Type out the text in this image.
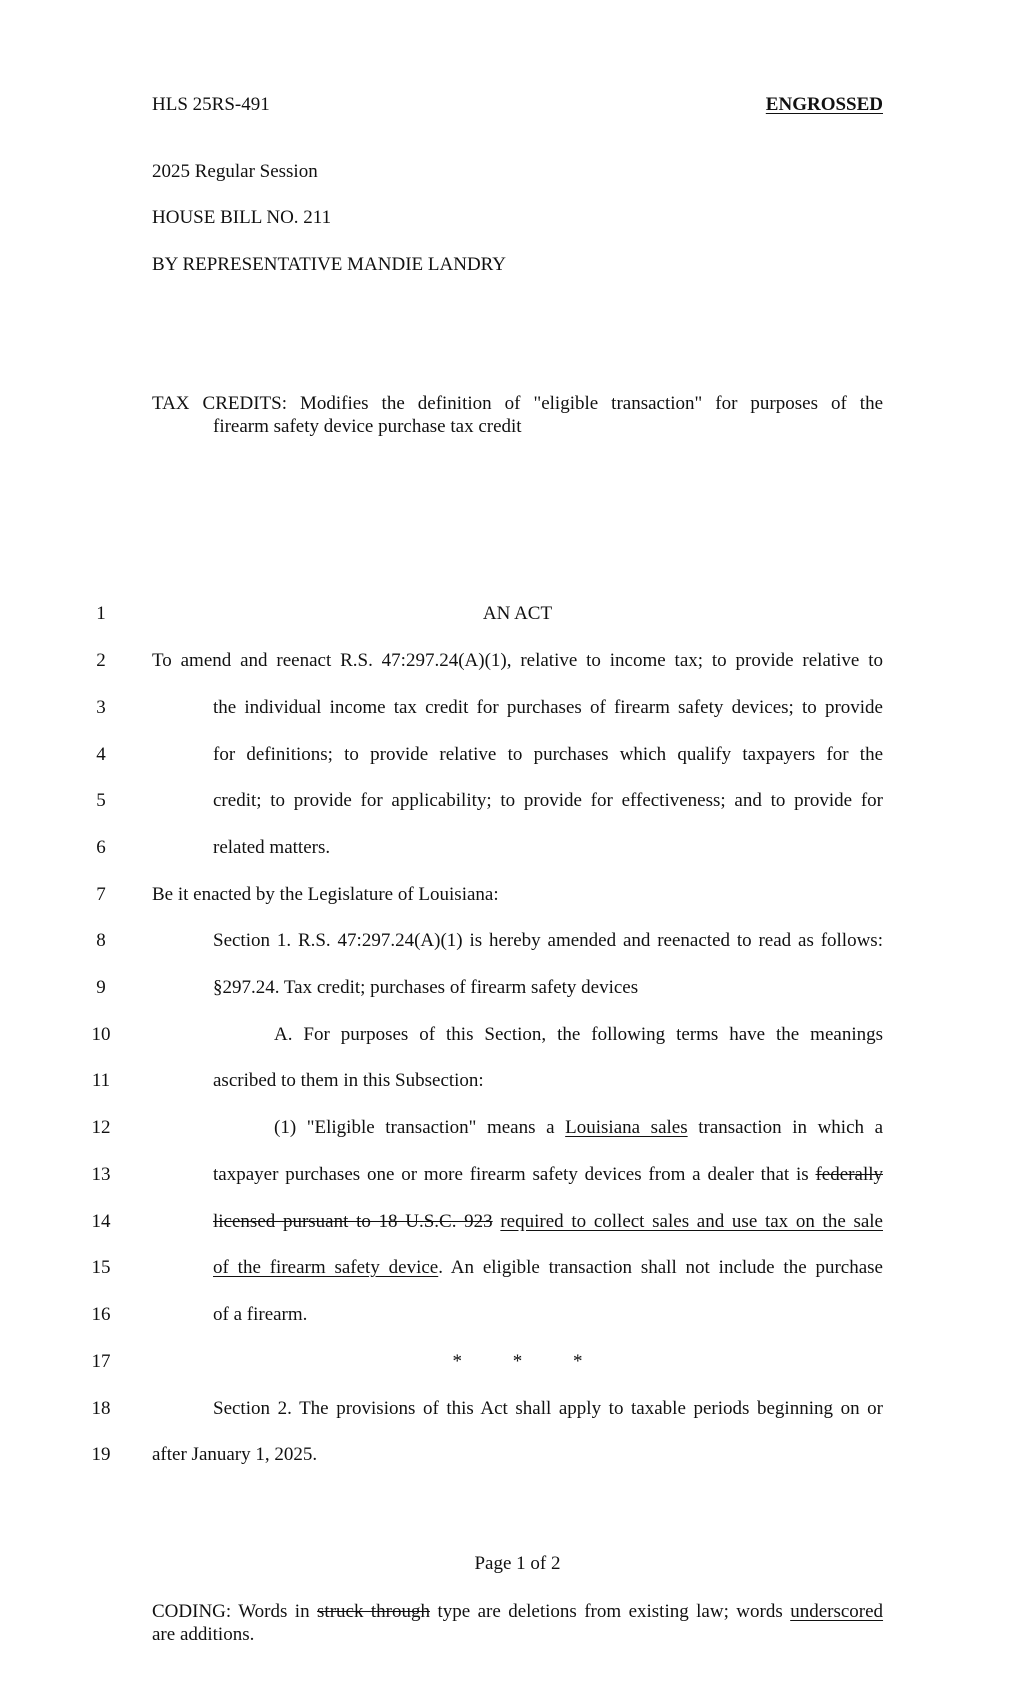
HLS 25RS-491	ENGROSSED
2025 Regular Session
HOUSE BILL NO. 211
BY REPRESENTATIVE MANDIE LANDRY
TAX CREDITS: Modifies the definition of "eligible transaction" for purposes of the
firearm safety device purchase tax credit
1
2
3
4
5
6
7
8
9
10
11
12
13
14
15
16
17
18
19
AN ACT
To amend and reenact R.S. 47:297.24(A)(1), relative to income tax; to provide relative to
the individual income tax credit for purchases of firearm safety devices; to provide
for definitions; to provide relative to purchases which qualify taxpayers for the
credit; to provide for applicability; to provide for effectiveness; and to provide for
related matters.
Be it enacted by the Legislature of Louisiana:
Section 1. R.S. 47:297.24(A)(1) is hereby amended and reenacted to read as follows:
§297.24. Tax credit; purchases of firearm safety devices
A. For purposes of this Section, the following terms have the meanings
ascribed to them in this Subsection:
(1) "Eligible transaction" means a Louisiana sales transaction in which a
taxpayer purchases one or more firearm safety devices from a dealer that is federally
licensed pursuant to 18 U.S.C. 923 required to collect sales and use tax on the sale
of the firearm safety device. An eligible transaction shall not include the purchase
of a firearm.
*	*	*
Section 2. The provisions of this Act shall apply to taxable periods beginning on or
after January 1, 2025.
Page 1 of 2
CODING: Words in struck through type are deletions from existing law; words underscored
are additions.
